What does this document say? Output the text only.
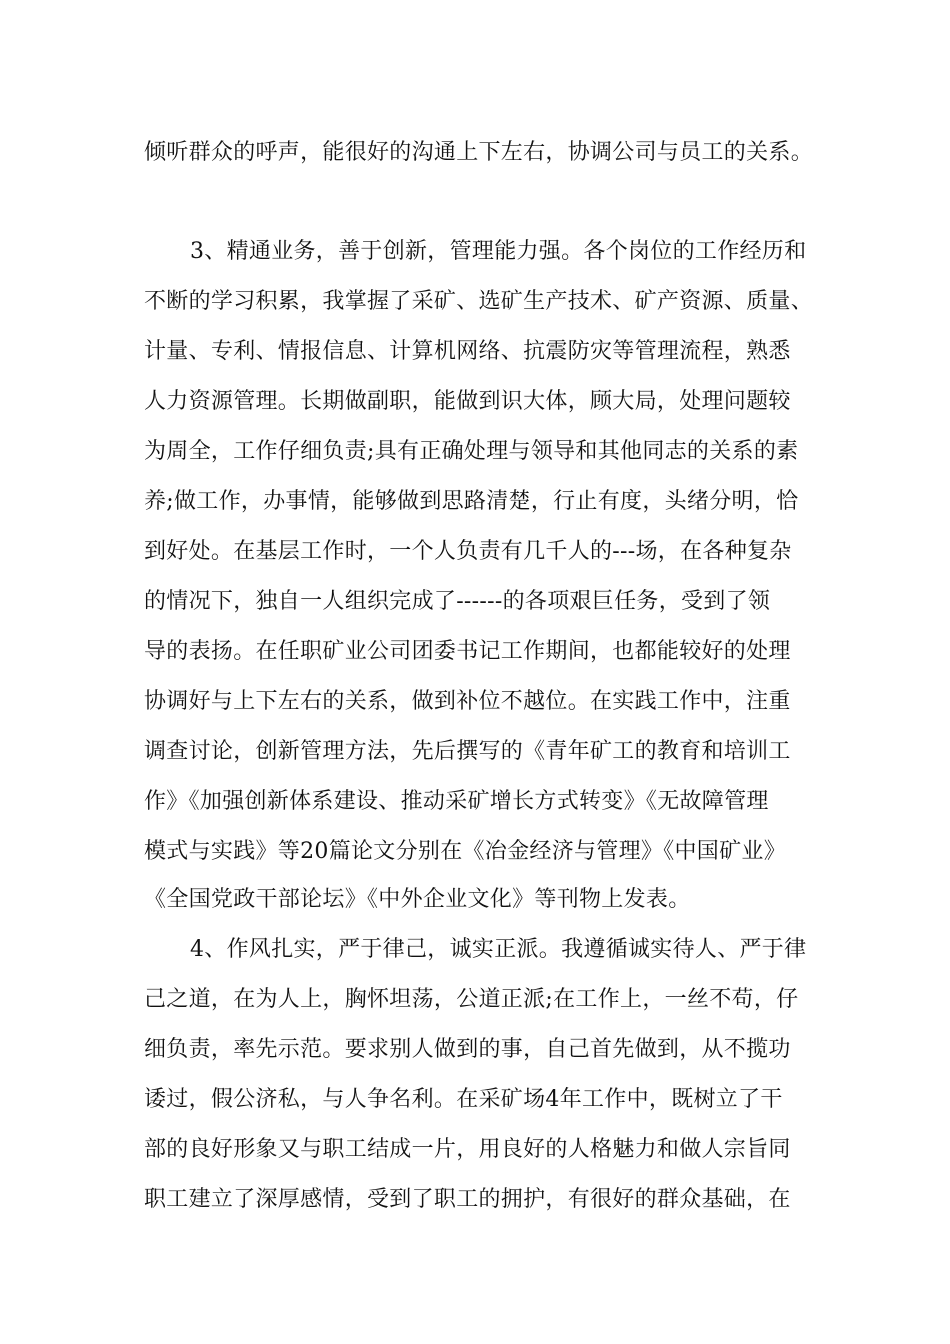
倾听群众的呼声，能很好的沟通上下左右，协调公司与员工的关系。
3、精通业务，善于创新，管理能力强。各个岗位的工作经历和
不断的学习积累，我掌握了采矿、选矿生产技术、矿产资源、质量、
计量、专利、情报信息、计算机网络、抗震防灾等管理流程，熟悉
人力资源管理。长期做副职，能做到识大体，顾大局，处理问题较
为周全，工作仔细负责;具有正确处理与领导和其他同志的关系的素
养;做工作，办事情，能够做到思路清楚，行止有度，头绪分明，恰
到好处。在基层工作时，一个人负责有几千人的---场，在各种复杂
的情况下，独自一人组织完成了------的各项艰巨任务，受到了领
导的表扬。在任职矿业公司团委书记工作期间，也都能较好的处理
协调好与上下左右的关系，做到补位不越位。在实践工作中，注重
调查讨论，创新管理方法，先后撰写的《青年矿工的教育和培训工
作》《加强创新体系建设、推动采矿增长方式转变》《无故障管理
模式与实践》等20篇论文分别在《冶金经济与管理》《中国矿业》
《全国党政干部论坛》《中外企业文化》等刊物上发表。
4、作风扎实，严于律己，诚实正派。我遵循诚实待人、严于律
己之道，在为人上，胸怀坦荡，公道正派;在工作上，一丝不苟，仔
细负责，率先示范。要求别人做到的事，自己首先做到，从不揽功
诿过，假公济私，与人争名利。在采矿场4年工作中，既树立了干
部的良好形象又与职工结成一片，用良好的人格魅力和做人宗旨同
职工建立了深厚感情，受到了职工的拥护，有很好的群众基础，在
